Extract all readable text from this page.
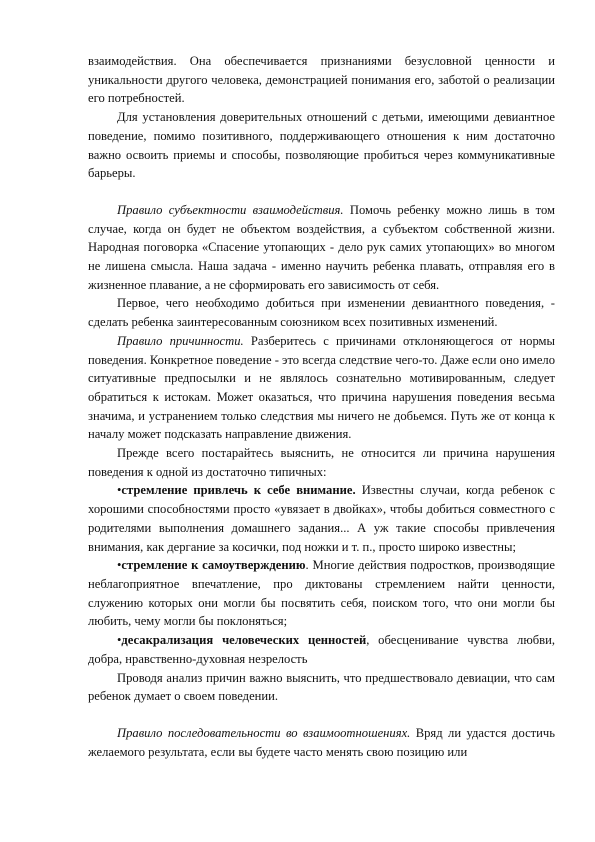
взаимодействия. Она обеспечивается признаниями безусловной ценности и уникальности другого человека, демонстрацией понимания его, заботой о реализации его потребностей.

Для установления доверительных отношений с детьми, имеющими девиантное поведение, помимо позитивного, поддерживающего отношения к ним достаточно важно освоить приемы и способы, позволяющие пробиться через коммуникативные барьеры.

Правило субъектности взаимодействия. Помочь ребенку можно лишь в том случае, когда он будет не объектом воздействия, а субъектом собственной жизни. Народная поговорка «Спасение утопающих - дело рук самих утопающих» во многом не лишена смысла. Наша задача - именно научить ребенка плавать, отправляя его в жизненное плавание, а не сформировать его зависимость от себя.

Первое, чего необходимо добиться при изменении девиантного поведения, - сделать ребенка заинтересованным союзником всех позитивных изменений.

Правило причинности. Разберитесь с причинами отклоняющегося от нормы поведения. Конкретное поведение - это всегда следствие чего-то. Даже если оно имело ситуативные предпосылки и не являлось сознательно мотивированным, следует обратиться к истокам. Может оказаться, что причина нарушения поведения весьма значима, и устранением только следствия мы ничего не добьемся. Путь же от конца к началу может подсказать направление движения.

Прежде всего постарайтесь выяснить, не относится ли причина нарушения поведения к одной из достаточно типичных:

•стремление привлечь к себе внимание. Известны случаи, когда ребенок с хорошими способностями просто «увязает в двойках», чтобы добиться совместного с родителями выполнения домашнего задания... А уж такие способы привлечения внимания, как дергание за косички, под ножки и т. п., просто широко известны;

•стремление к самоутверждению. Многие действия подростков, производящие неблагоприятное впечатление, про диктованы стремлением найти ценности, служению которых они могли бы посвятить себя, поиском того, что они могли бы любить, чему могли бы поклоняться;

•десакрализация человеческих ценностей, обесценивание чувства любви, добра, нравственно-духовная незрелость

Проводя анализ причин важно выяснить, что предшествовало девиации, что сам ребенок думает о своем поведении.

Правило последовательности во взаимоотношениях. Вряд ли удастся достичь желаемого результата, если вы будете часто менять свою позицию или
